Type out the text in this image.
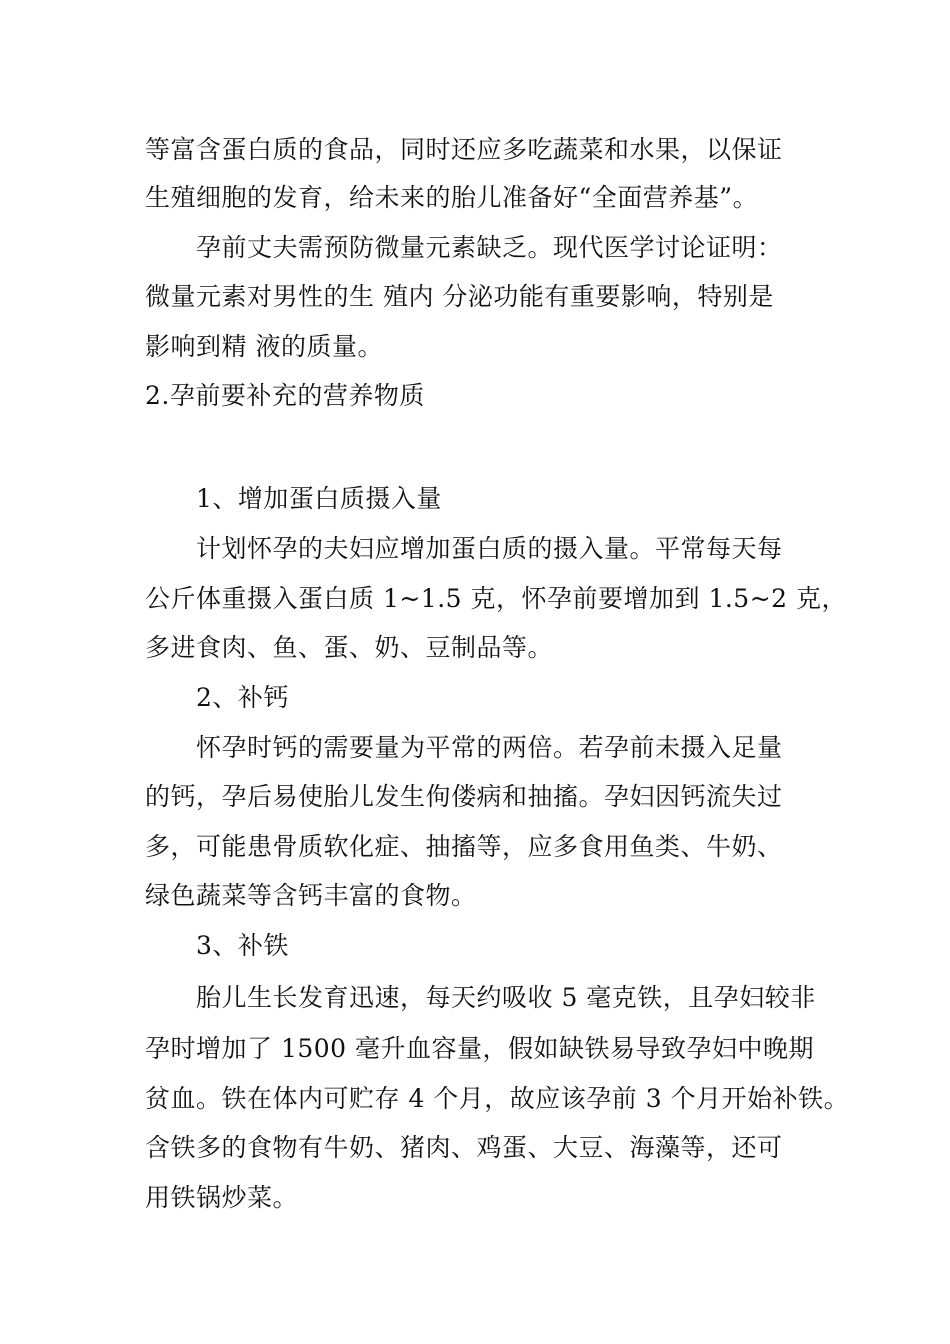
等富含蛋白质的食品，同时还应多吃蔬菜和水果，以保证
生殖细胞的发育，给未来的胎儿准备好“全面营养基”。
孕前丈夫需预防微量元素缺乏。现代医学讨论证明：
微量元素对男性的生 殖内 分泌功能有重要影响，特别是
影响到精 液的质量。
2.孕前要补充的营养物质
1、增加蛋白质摄入量
计划怀孕的夫妇应增加蛋白质的摄入量。平常每天每
公斤体重摄入蛋白质 1~1.5 克，怀孕前要增加到 1.5~2 克，
多进食肉、鱼、蛋、奶、豆制品等。
2、补钙
怀孕时钙的需要量为平常的两倍。若孕前未摄入足量
的钙，孕后易使胎儿发生佝偻病和抽搐。孕妇因钙流失过
多，可能患骨质软化症、抽搐等，应多食用鱼类、牛奶、
绿色蔬菜等含钙丰富的食物。
3、补铁
胎儿生长发育迅速，每天约吸收 5 毫克铁，且孕妇较非
孕时增加了 1500 毫升血容量，假如缺铁易导致孕妇中晚期
贫血。铁在体内可贮存 4 个月，故应该孕前 3 个月开始补铁。
含铁多的食物有牛奶、猪肉、鸡蛋、大豆、海藻等，还可
用铁锅炒菜。
